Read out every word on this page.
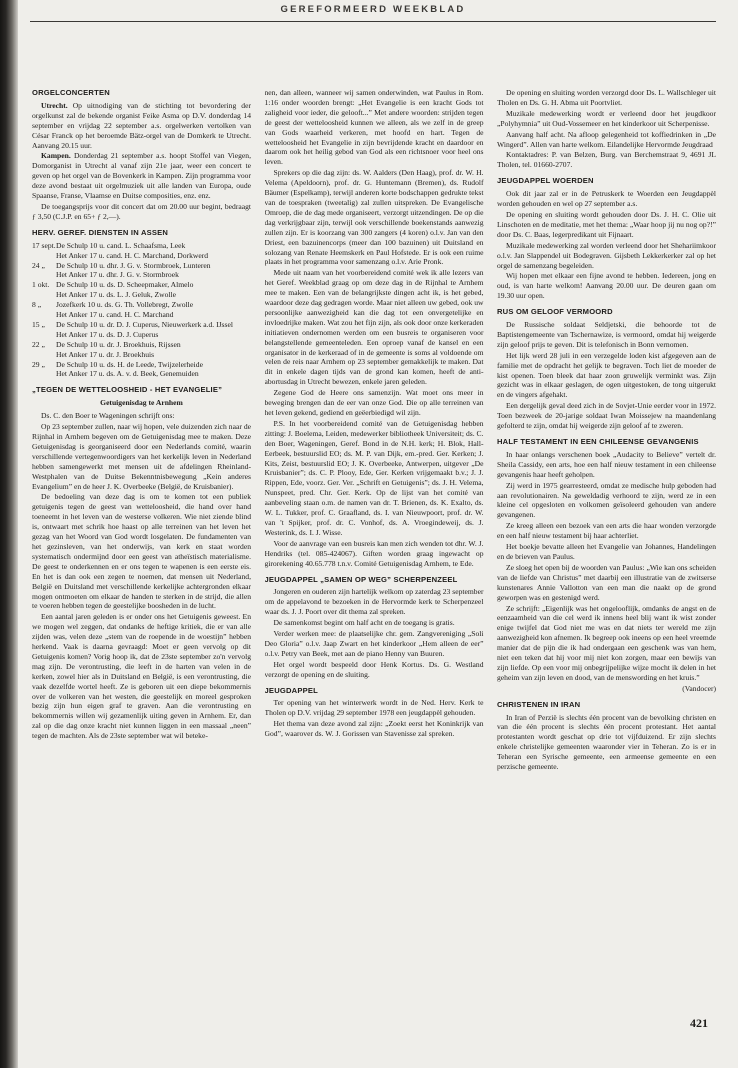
GEREFORMEERD WEEKBLAD
ORGELCONCERTEN

Utrecht. Op uitnodiging van de stichting tot bevordering der orgelkunst zal de bekende organist Feike Asma op D.V. donderdag 14 september en vrijdag 22 september a.s. orgelwerken vertolken van César Franck op het beroemde Bätz-orgel van de Domkerk te Utrecht. Aanvang 20.15 uur.

Kampen. Donderdag 21 september a.s. hoopt Stoffel van Viegen, Domorganist in Utrecht al vanaf zijn 21e jaar, weer een concert te geven op het orgel van de Bovenkerk in Kampen. Zijn programma voor deze avond bestaat uit orgelmuziek uit alle landen van Europa, oude Spaanse, Franse, Vlaamse en Duitse composities, enz. enz.

De toegangsprijs voor dit concert dat om 20.00 uur begint, bedraagt ƒ 3,50 (C.J.P. en 65+ ƒ 2,—).

HERV. GEREF. DIENSTEN IN ASSEN
17 sept. De Schulp 10 u. cand. L. Schaafsma, Leek
Het Anker 17 u. cand. H. C. Marchand, Dorkwerd
24 „	De Schulp 10 u. dhr. J. G. v. Stormbroek, Lunteren
Het Anker 17 u. dhr. J. G. v. Stormbroek
1 okt. De Schulp 10 u. ds. D. Scheepmaker, Almelo
Het Anker 17 u. ds. L. J. Geluk, Zwolle
8 „	Jozefkerk 10 u. ds. G. Th. Vollebregt, Zwolle
Het Anker 17 u. cand. H. C. Marchand
15 „	De Schulp 10 u. dr. D. J. Cuperus, Nieuwerkerk a.d. IJssel
Het Anker 17 u. ds. D. J. Cuperus
22 „	De Schulp 10 u. dr. J. Broekhuis, Rijssen
Het Anker 17 u. dr. J. Broekhuis
29 „	De Schulp 10 u. ds. H. de Leede, Twijzelerheide
Het Anker 17 u. ds. A. v. d. Beek, Genemuiden
„TEGEN DE WETTELOOSHEID - HET EVANGELIE”
Getuigenisdag te Arnhem

Ds. C. den Boer te Wageningen schrijft ons:

Op 23 september zullen, naar wij hopen, vele duizenden zich naar de Rijnhal in Arnhem begeven om de Getuigenisdag mee te maken. Deze Getuigenisdag is georganiseerd door een Nederlands comité, waarin verschillende vertegenwoordigers van het kerkelijk leven in Nederland hebben samengewerkt met mensen uit de afdelingen Rheinland-Westphalen van de Duitse Bekenntnisbewegung „Kein anderes Evangelium” en de heer J. K. Overbeeke (België, de Kruisbanier).

De bedoeling van deze dag is om te komen tot een publiek getuigenis tegen de geest van wetteloosheid, die hand over hand toeneemt in het leven van de westerse volkeren. Wie niet ziende blind is, ontwaart met schrik hoe haast op alle terreinen van het leven het gezag van het Woord van God wordt losgelaten. De fundamenten van het gezinsleven, van het onderwijs, van kerk en staat worden systematisch ondermijnd door een geest van atheïstisch materialisme. De geest te onderkennen en er ons tegen te wapenen is een eerste eis. En het is dan ook een zegen te noemen, dat mensen uit Nederland, België en Duitsland met verschillende kerkelijke achtergronden elkaar mogen ontmoeten om elkaar de handen te sterken in de strijd, die allen te voeren hebben tegen de geestelijke boosheden in de lucht.

Een aantal jaren geleden is er onder ons het Getuigenis geweest. En we mogen wel zeggen, dat ondanks de heftige kritiek, die er van alle zijden was, velen deze „stem van de roepende in de woestijn” hebben herkend. Vaak is daarna gevraagd: Moet er geen vervolg op dit Getuigenis komen? Vorig hoop ik, dat de 23ste september zo'n vervolg mag zijn. De verontrusting, die leeft in de harten van velen in de kerken, zowel hier als in Duitsland en België, is een verontrusting, die vaak dezelfde wortel heeft. Ze is geboren uit een diepe bekommernis over de volkeren van het westen, die geestelijk en moreel gesproken bezig zijn hun eigen graf te graven. Aan die verontrusting en bekommernis willen wij gezamenlijk uiting geven in Arnhem. Er, dan zal op die dag onze kracht niet kunnen liggen in een massaal „neen” tegen de machten. Als de 23ste september wat wil beteke-

nen, dan alleen, wanneer wij samen onderwinden, wat Paulus in Rom. 1:16 onder woorden brengt: „Het Evangelie is een kracht Gods tot zaligheid voor ieder, die gelooft...” Met andere woorden: strijden tegen de geest der wetteloosheid kunnen we alleen, als we zelf in de greep van Gods waarheid verkeren, met hoofd en hart. Tegen de wetteloosheid het Evangelie in zijn bevrijdende kracht en daardoor en daarom ook het heilig gebod van God als een richtsnoer voor heel ons leven.

Sprekers op die dag zijn: ds. W. Aalders (Den Haag), prof. dr. W. H. Velema (Apeldoorn), prof. dr. G. Huntemann (Bremen), ds. Rudolf Bäumer (Espelkamp), terwijl anderen korte bodschappen gedrukte tekst van de toespraken (tweetalig) zal zullen uitspreken. De Evangelische Omroep, die de dag mede organiseert, verzorgt uitzendingen. De op die dag verkrijgbaar zijn, terwijl ook verschillende boekenstands aanwezig zullen zijn. Er is koorzang van 300 zangers (4 koren) o.l.v. Jan van den Driest, een bazuinencorps (meer dan 100 bazuinen) uit Duitsland en solozang van Renate Heemskerk en Paul Hofstede. Er is ook een ruime plaats in het programma voor samenzang o.l.v. Arie Pronk.

Mede uit naam van het voorbereidend comité wek ik alle lezers van het Geref. Weekblad graag op om deze dag in de Rijnhal te Arnhem mee te maken. Een van de belangrijkste dingen acht ik, is het gebed, waardoor deze dag gedragen worde. Maar niet alleen uw gebed, ook uw persoonlijke aanwezigheid kan die dag tot een onvergetelijke en invloedrijke maken. Wat zou het fijn zijn, als ook door onze kerkeraden initiatieven ondernomen werden om een busreis te organiseren voor belangstellende gemeenteleden. Een oproep vanaf de kansel en een organisator in de kerkeraad of in de gemeente is soms al voldoende om velen de reis naar Arnhem op 23 september gemakkelijk te maken. Dat dit in enkele dagen tijds van de grond kan komen, heeft de anti-abortusdag in Utrecht bewezen, enkele jaren geleden.

Zegene God de Heere ons samenzijn. Wat moet ons meer in beweging brengen dan de eer van onze God. Die op alle terreinen van het leven gekend, gediend en geëerbiedigd wil zijn.

P.S. In het voorbereidend comité van de Getuigenisdag hebben zitting: J. Boelema, Leiden, medewerker bibliotheek Universiteit; ds. C. den Boer, Wageningen, Geref. Bond in de N.H. kerk; H. Blok, Hall-Eerbeek, bestuurslid EO; ds. M. P. van Dijk, em.-pred. Ger. Kerken; J. Kits, Zeist, bestuurslid EO; J. K. Overbeeke, Antwerpen, uitgever „De Kruisbanier”; ds. C. P. Plooy, Ede, Ger. Kerken vrijgemaakt b.v.; J. J. Rippen, Ede, voorz. Ger. Ver. „Schrift en Getuigenis”; ds. J. H. Velema, Nunspeet, pred. Chr. Ger. Kerk. Op de lijst van het comité van aanbeveling staan o.m. de namen van dr. T. Brienen, ds. K. Exalto, ds. W. L. Tukker, prof. C. Graafland, ds. I. van Nieuwpoort, prof. dr. W. van 't Spijker, prof. dr. C. Vonhof, ds. A. Vroegindeweij, ds. J. Westerink, ds. I. J. Wisse.

Voor de aanvrage van een busreis kan men zich wenden tot dhr. W. J. Hendriks (tel. 085-424067). Giften worden graag ingewacht op girorekening 40.65.778 t.n.v. Comité Getuigenisdag Arnhem, te Ede.

JEUGDAPPEL „SAMEN OP WEG” SCHERPENZEEL

Jongeren en ouderen zijn hartelijk welkom op zaterdag 23 september om de appelavond te bezoeken in de Hervormde kerk te Scherpenzeel waar ds. J. J. Poort over dit thema zal spreken.

De samenkomst begint om half acht en de toegang is gratis.

Verder werken mee: de plaatselijke chr. gem. Zangvereniging „Soli Deo Gloria” o.l.v. Jaap Zwart en het kinderkoor „Hem alleen de eer” o.l.v. Petry van Beek, met aan de piano Henny van Buuren.

Het orgel wordt bespeeld door Henk Kortus. Ds. G. Westland verzorgt de opening en de sluiting.

JEUGDAPPEL

Ter opening van het winterwerk wordt in de Ned. Herv. Kerk te Tholen op D.V. vrijdag 29 september 1978 een jeugdappèl gehouden.

Het thema van deze avond zal zijn: „Zoekt eerst het Koninkrijk van God”, waarover ds. W. J. Gorissen van Stavenisse zal spreken.

De opening en sluiting worden verzorgd door Ds. L. Wallschleger uit Tholen en Ds. G. H. Abma uit Poortvliet.

Muzikale medewerking wordt er verleend door het jeugdkoor „Polyhymnia” uit Oud-Vossemeer en het kinderkoor uit Scherpenisse.

Aanvang half acht. Na afloop gelegenheid tot koffiedrinken in „De Wingerd”. Allen van harte welkom. Eilandelijke Hervormde Jeugdraad

Kontaktadres: P. van Belzen, Burg. van Berchemstraat 9, 4691 JL Tholen, tel. 01660-2707.

JEUGDAPPEL WOERDEN

Ook dit jaar zal er in de Petruskerk te Woerden een Jeugdappèl worden gehouden en wel op 27 september a.s.

De opening en sluiting wordt gehouden door Ds. J. H. C. Olie uit Linschoten en de meditatie, met het thema: „Waar hoop jij nu nog op?!” door Ds. C. Baas, legerpredikant uit Fijnaart.

Muzikale medewerking zal worden verleend door het Shehariimkoor o.l.v. Jan Slappendel uit Bodegraven. Gijsbeth Lekkerkerker zal op het orgel de samenzang begeleiden.

Wij hopen met elkaar een fijne avond te hebben. Iedereen, jong en oud, is van harte welkom! Aanvang 20.00 uur. De deuren gaan om 19.30 uur open.

RUS OM GELOOF VERMOORD

De Russische soldaat Seldjetski, die behoorde tot de Baptistengemeente van Tschernawize, is vermoord, omdat hij weigerde zijn geloof prijs te geven. Dit is telefonisch in Bonn vernomen.

Het lijk werd 28 juli in een verzegelde loden kist afgegeven aan de familie met de opdracht het gelijk te begraven. Toch liet de moeder de kist openen. Toen bleek dat haar zoon gruwelijk verminkt was. Zijn gezicht was in elkaar geslagen, de ogen uitgestoken, de tong uitgerukt en de vingers afgehakt.

Een dergelijk geval deed zich in de Sovjet-Unie eerder voor in 1972. Toen bezweek de 20-jarige soldaat Iwan Moissejew na maandenlang gefolterd te zijn, omdat hij weigerde zijn geloof af te zweren.

HALF TESTAMENT IN EEN CHILEENSE GEVANGENIS

In haar onlangs verschenen boek „Audacity to Believe” vertelt dr. Sheila Cassidy, een arts, hoe een half nieuw testament in een chileense gevangenis haar heeft geholpen.

Zij werd in 1975 gearresteerd, omdat ze medische hulp geboden had aan revolutionairen. Na geweldadig verhoord te zijn, werd ze in een kleine cel opgesloten en volkomen geïsoleerd gehouden van andere gevangenen.

Ze kreeg alleen een bezoek van een arts die haar wonden verzorgde en een half nieuw testament bij haar achterliet.

Het boekje bevatte alleen het Evangelie van Johannes, Handelingen en de brieven van Paulus.

Ze sloeg het open bij de woorden van Paulus: „Wie kan ons scheiden van de liefde van Christus” met daarbij een illustratie van de zwitserse kunstenares Annie Vallotton van een man die naakt op de grond geworpen was en gestenigd werd.

Ze schrijft: „Eigenlijk was het ongelooflijk, omdanks de angst en de eenzaamheid van die cel werd ik innens heel blij want ik wist zonder enige twijfel dat God niet me was en dat niets ter wereld me zijn aanwezigheid kon afnemen. Ik begreep ook ineens op een heel vreemde manier dat de pijn die ik had ondergaan een geschenk was van hem, niet een teken dat hij voor mij niet kon zorgen, maar een bewijs van zijn liefde. Op een voor mij onbegrijpelijke wijze mocht ik delen in het geheim van zijn leven en dood, van de menswording en het kruis.”

(Vandocer)

CHRISTENEN IN IRAN

In Iran of Perzië is slechts één procent van de bevolking christen en van die één procent is slechts één procent protestant. Het aantal protestanten wordt geschat op drie tot vijfduizend. Er zijn slechts enkele christelijke gemeenten waaronder vier in Teheran. Zo is er in Teheran een Syrische gemeente, een armeense gemeente en een perzische gemeente.

421
